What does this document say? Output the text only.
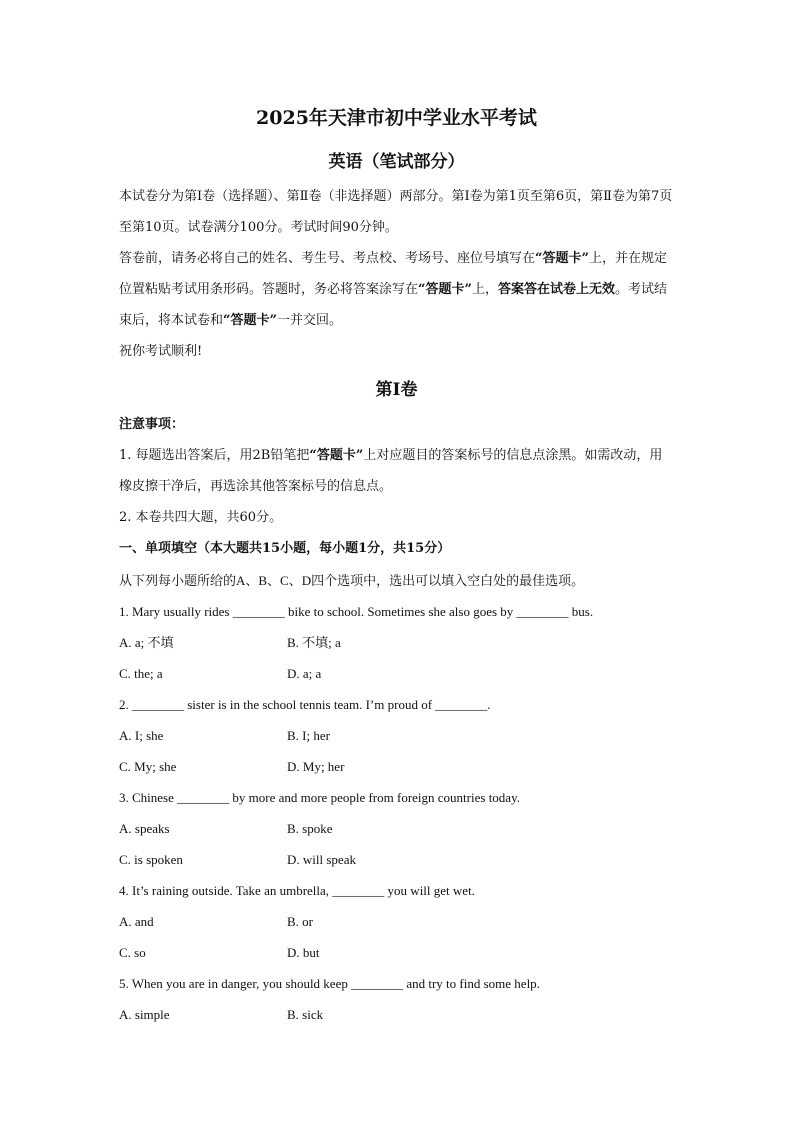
2025年天津市初中学业水平考试
英语（笔试部分）

本试卷分为第Ⅰ卷（选择题）、第Ⅱ卷（非选择题）两部分。第Ⅰ卷为第1页至第6页，第Ⅱ卷为第7页至第10页。试卷满分100分。考试时间90分钟。

答卷前，请务必将自己的姓名、考生号、考点校、考场号、座位号填写在“答题卡”上，并在规定位置粘贴考试用条形码。答题时，务必将答案涂写在“答题卡”上，答案答在试卷上无效。考试结束后，将本试卷和“答题卡”一并交回。

祝你考试顺利!

第I卷

注意事项：

1. 每题选出答案后，用2B铅笔把“答题卡”上对应题目的答案标号的信息点涂黑。如需改动，用橡皮擦干净后，再选涂其他答案标号的信息点。

2. 本卷共四大题，共60分。

一、单项填空（本大题共15小题，每小题1分，共15分）

从下列每小题所给的A、B、C、D四个选项中，选出可以填入空白处的最佳选项。

1. Mary usually rides ________ bike to school. Sometimes she also goes by ________ bus.

A. a; 不填	B. 不填; a
C. the; a	D. a; a

2. ________ sister is in the school tennis team. I’m proud of ________.

A. I; she	B. I; her
C. My; she	D. My; her

3. Chinese ________ by more and more people from foreign countries today.

A. speaks	B. spoke
C. is spoken	D. will speak

4. It’s raining outside. Take an umbrella, ________ you will get wet.

A. and	B. or
C. so	D. but

5. When you are in danger, you should keep ________ and try to find some help.

A. simple	B. sick
